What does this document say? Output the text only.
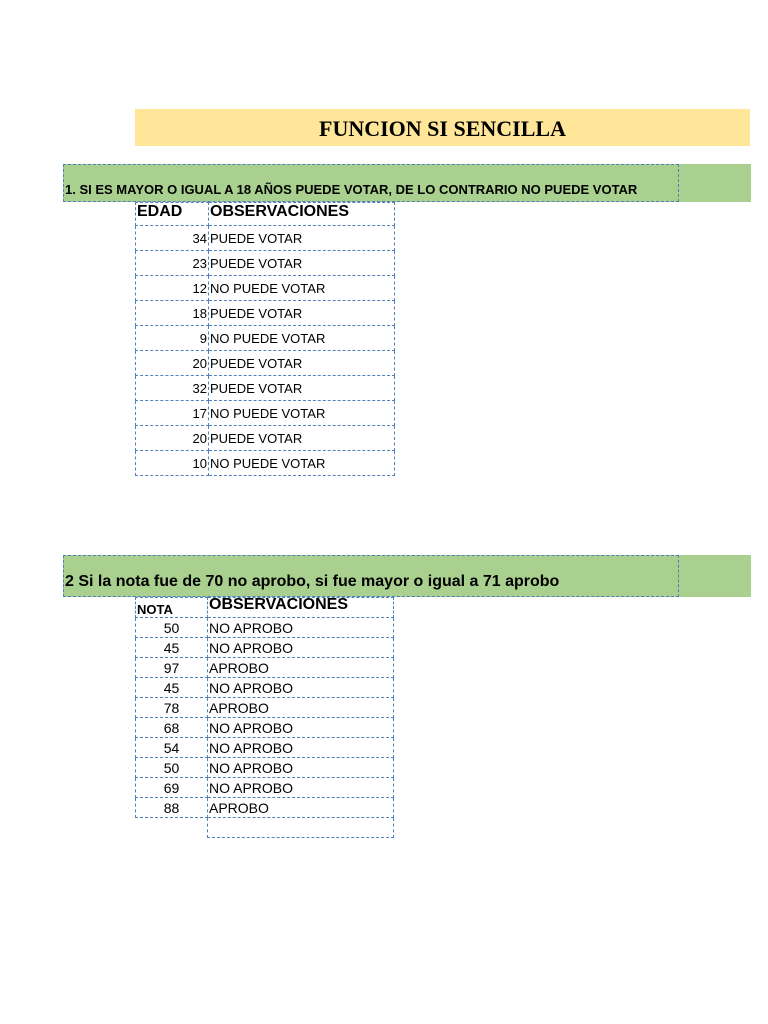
FUNCION SI SENCILLA
1. SI ES MAYOR O IGUAL A 18 AÑOS PUEDE VOTAR, DE LO CONTRARIO NO PUEDE VOTAR
EDAD	OBSERVACIONES
34	PUEDE VOTAR
23	PUEDE VOTAR
12	NO PUEDE VOTAR
18	PUEDE VOTAR
9	NO PUEDE VOTAR
20	PUEDE VOTAR
32	PUEDE VOTAR
17	NO PUEDE VOTAR
20	PUEDE VOTAR
10	NO PUEDE VOTAR
2 Si la nota fue de 70 no aprobo, si fue mayor o igual a 71 aprobo
NOTA	OBSERVACIONES
50	NO APROBO
45	NO APROBO
97	APROBO
45	NO APROBO
78	APROBO
68	NO APROBO
54	NO APROBO
50	NO APROBO
69	NO APROBO
88	APROBO
